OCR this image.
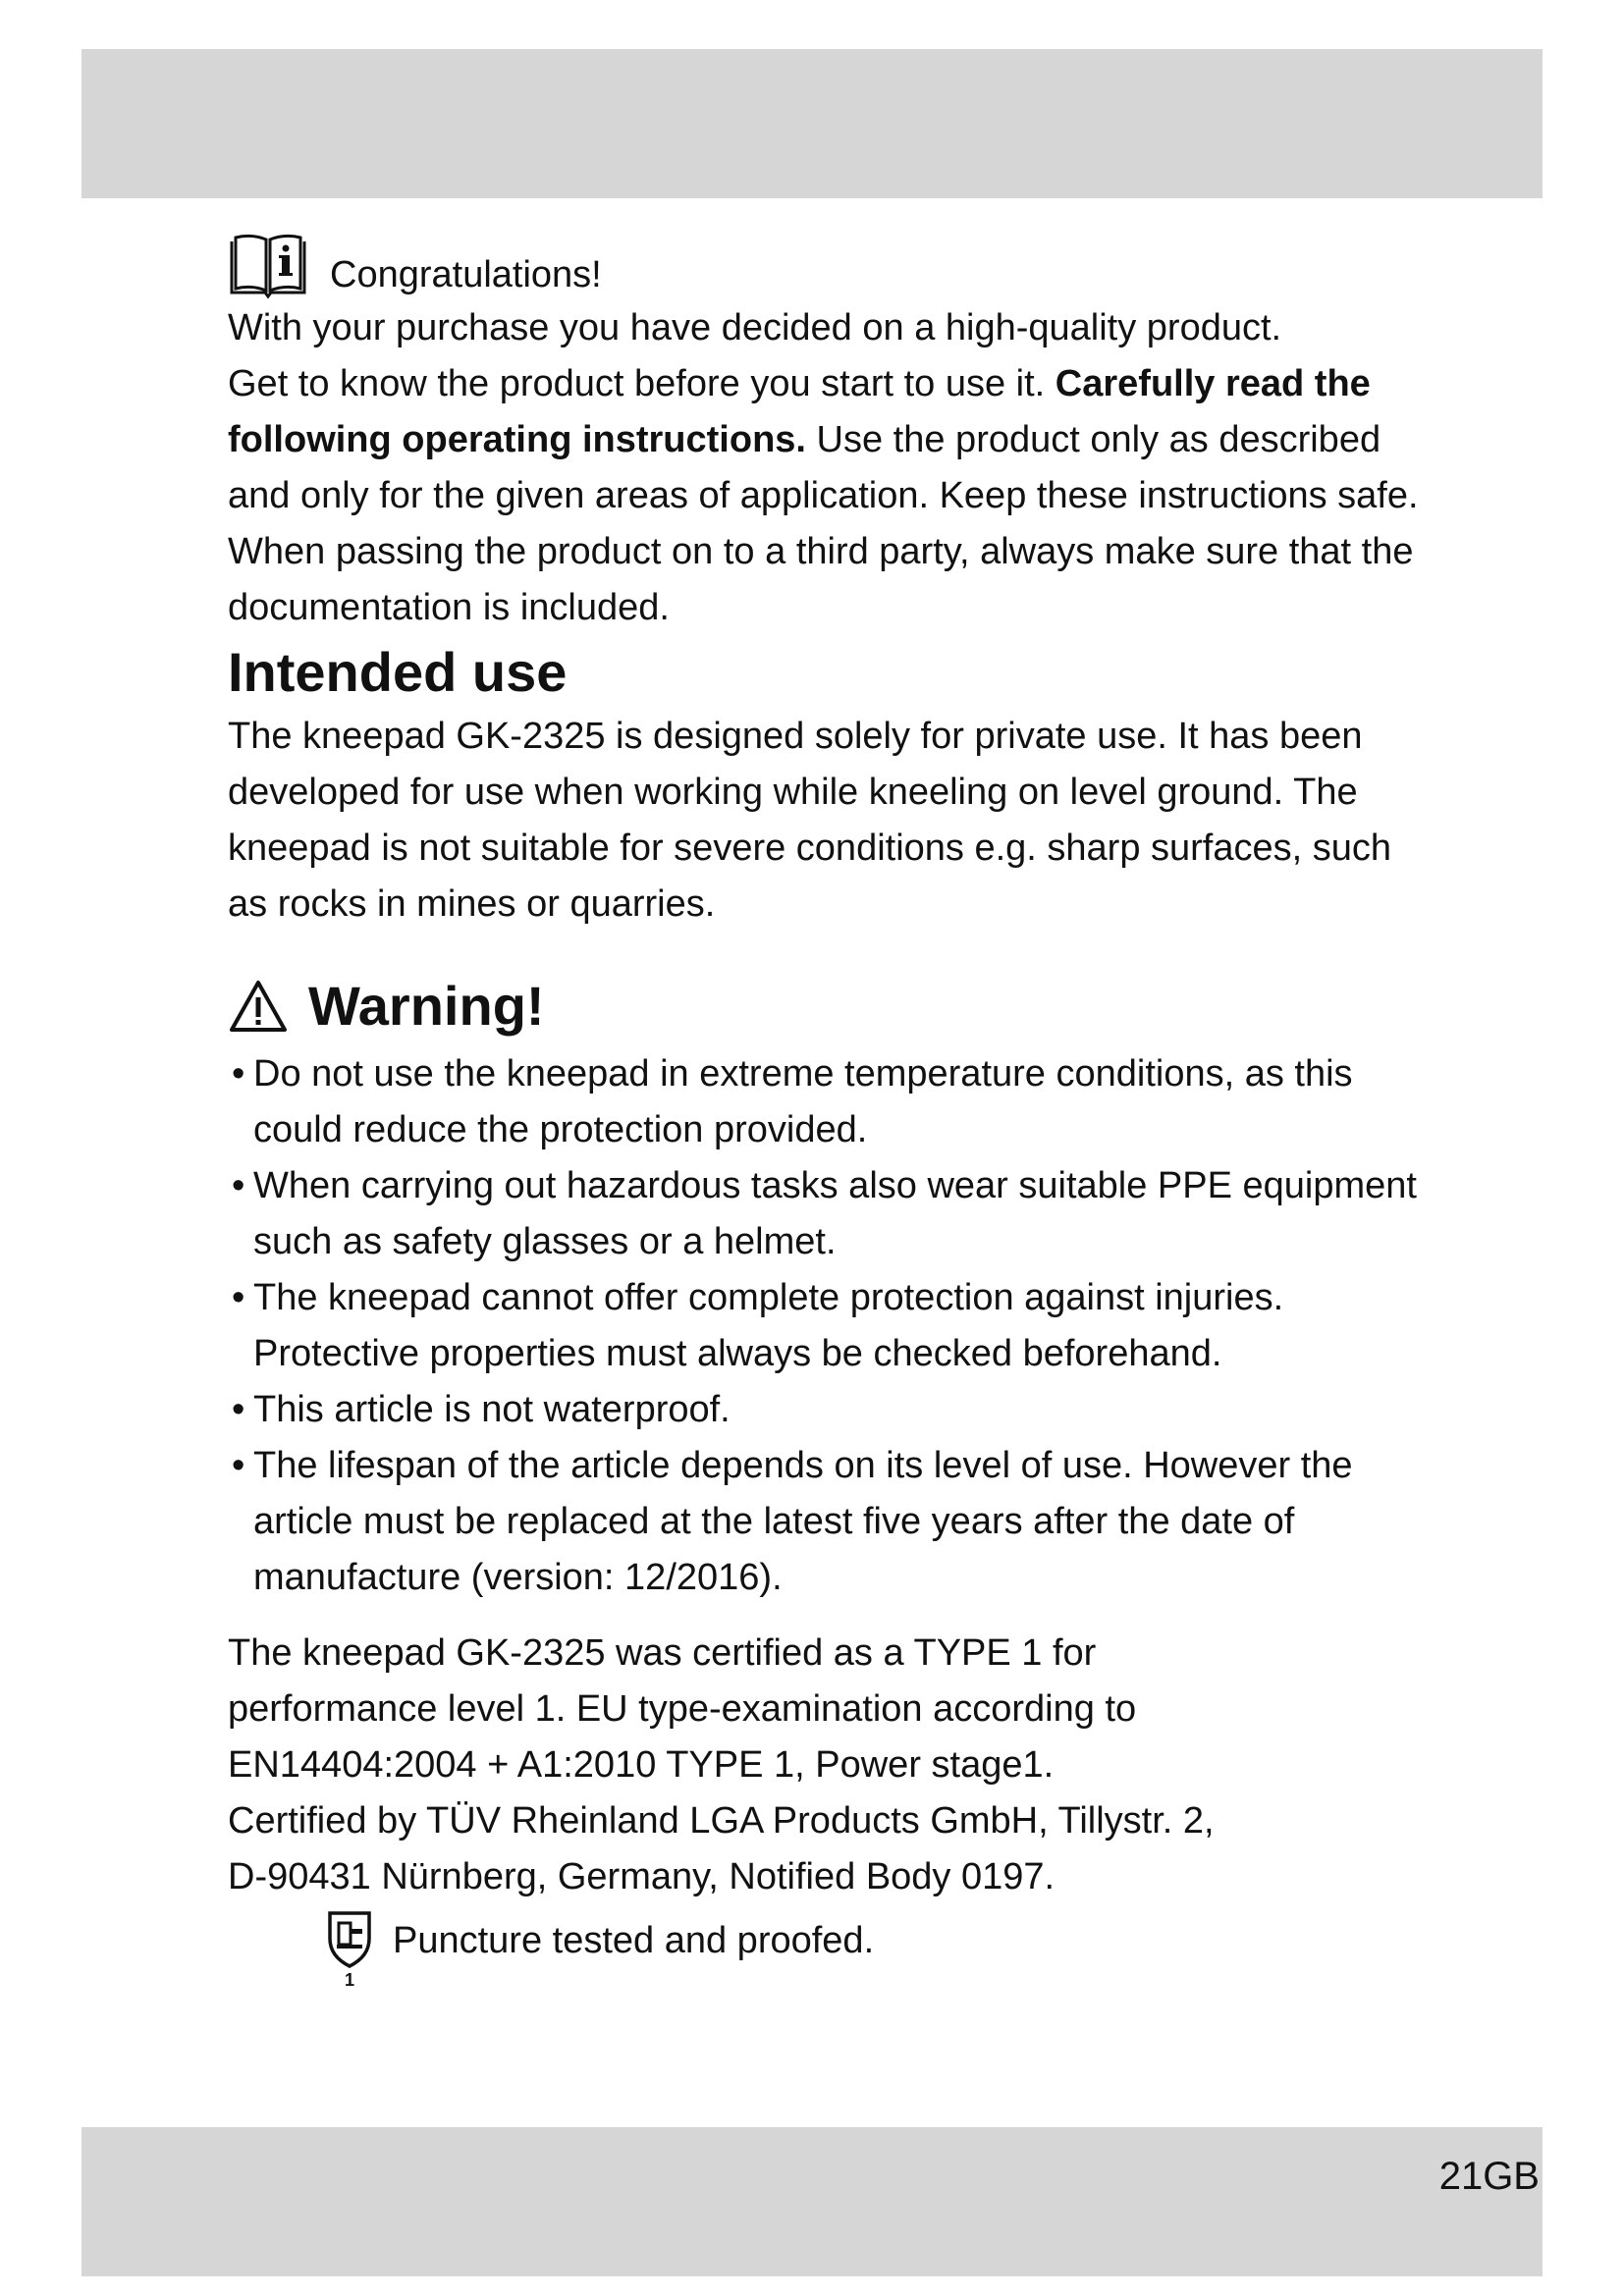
Congratulations!

With your purchase you have decided on a high-quality product.

Get to know the product before you start to use it. Carefully read the following operating instructions. Use the product only as described and only for the given areas of application. Keep these instructions safe. When passing the product on to a third party, always make sure that the documentation is included.

Intended use

The kneepad GK-2325 is designed solely for private use. It has been developed for use when working while kneeling on level ground. The kneepad is not suitable for severe conditions e.g. sharp surfaces, such as rocks in mines or quarries.

Warning!
• Do not use the kneepad in extreme temperature conditions, as this could reduce the protection provided.
• When carrying out hazardous tasks also wear suitable PPE equipment such as safety glasses or a helmet.
• The kneepad cannot offer complete protection against injuries. Protective properties must always be checked beforehand.
• This article is not waterproof.
• The lifespan of the article depends on its level of use. However the article must be replaced at the latest five years after the date of manufacture (version: 12/2016).

The kneepad GK-2325 was certified as a TYPE 1 for

performance level 1. EU type-examination according to

EN14404:2004 + A1:2010 TYPE 1, Power stage1.

Certified by TÜV Rheinland LGA Products GmbH, Tillystr. 2,

D-90431 Nürnberg, Germany, Notified Body 0197.

1

Puncture tested and proofed.

21GB
